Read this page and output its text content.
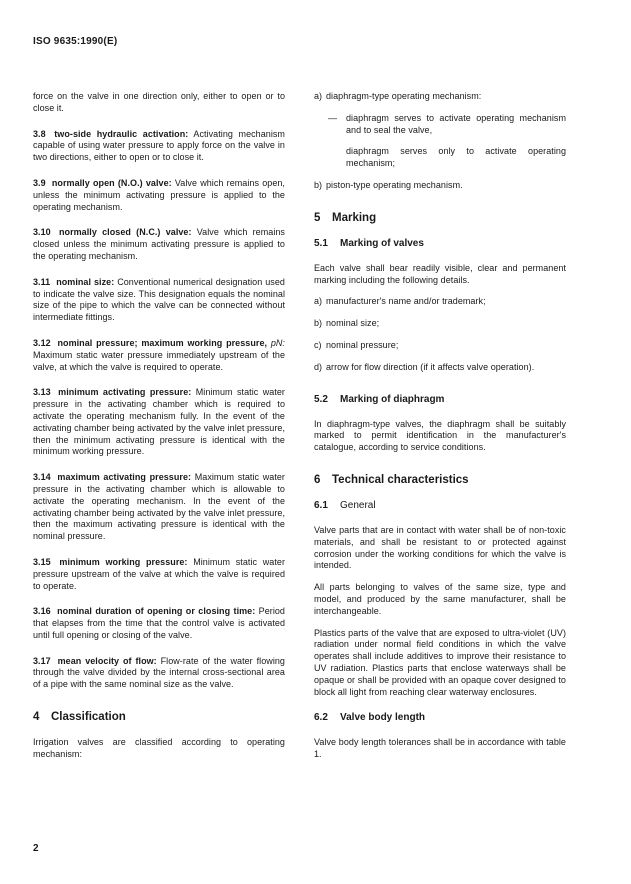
ISO 9635:1990(E)

force on the valve in one direction only, either to open or to close it.

3.8 two-side hydraulic activation: Activating mechanism capable of using water pressure to apply force on the valve in two directions, either to open or to close it.

3.9 normally open (N.O.) valve: Valve which remains open, unless the minimum activating pressure is applied to the operating mechanism.

3.10 normally closed (N.C.) valve: Valve which remains closed unless the minimum activating pressure is applied to the operating mechanism.

3.11 nominal size: Conventional numerical designation used to indicate the valve size. This designation equals the nominal size of the pipe to which the valve can be connected without intermediate fittings.

3.12 nominal pressure; maximum working pressure, pN: Maximum static water pressure immediately upstream of the valve, at which the valve is required to operate.

3.13 minimum activating pressure: Minimum static water pressure in the activating chamber which is required to activate the operating mechanism fully. In the event of the activating chamber being activated by the valve inlet pressure, then the minimum activating pressure is identical with the minimum working pressure.

3.14 maximum activating pressure: Maximum static water pressure in the activating chamber which is allowable to activate the operating mechanism. In the event of the activating chamber being activated by the valve inlet pressure, then the maximum activating pressure is identical with the nominal pressure.

3.15 minimum working pressure: Minimum static water pressure upstream of the valve at which the valve is required to operate.

3.16 nominal duration of opening or closing time: Period that elapses from the time that the control valve is activated until full opening or closing of the valve.

3.17 mean velocity of flow: Flow-rate of the water flowing through the valve divided by the internal cross-sectional area of a pipe with the same nominal size as the valve.

4 Classification

Irrigation valves are classified according to operating mechanism:

a) diaphragm-type operating mechanism:
— diaphragm serves to activate operating mechanism and to seal the valve,

diaphragm serves only to activate operating mechanism;

b) piston-type operating mechanism.
5 Marking
5.1 Marking of valves

Each valve shall bear readily visible, clear and permanent marking including the following details.

a) manufacturer's name and/or trademark;
b) nominal size;
c) nominal pressure;
d) arrow for flow direction (if it affects valve operation).
5.2 Marking of diaphragm

In diaphragm-type valves, the diaphragm shall be suitably marked to permit identification in the manufacturer's catalogue, according to service conditions.

6 Technical characteristics
6.1 General

Valve parts that are in contact with water shall be of non-toxic materials, and shall be resistant to or protected against corrosion under the working conditions for which the valve is intended.

All parts belonging to valves of the same size, type and model, and produced by the same manufacturer, shall be interchangeable.

Plastics parts of the valve that are exposed to ultra-violet (UV) radiation under normal field conditions in which the valve operates shall include additives to improve their resistance to UV radiation. Plastics parts that enclose waterways shall be opaque or shall be provided with an opaque cover designed to block all light from reaching clear waterway enclosures.

6.2 Valve body length

Valve body length tolerances shall be in accordance with table 1.

2
